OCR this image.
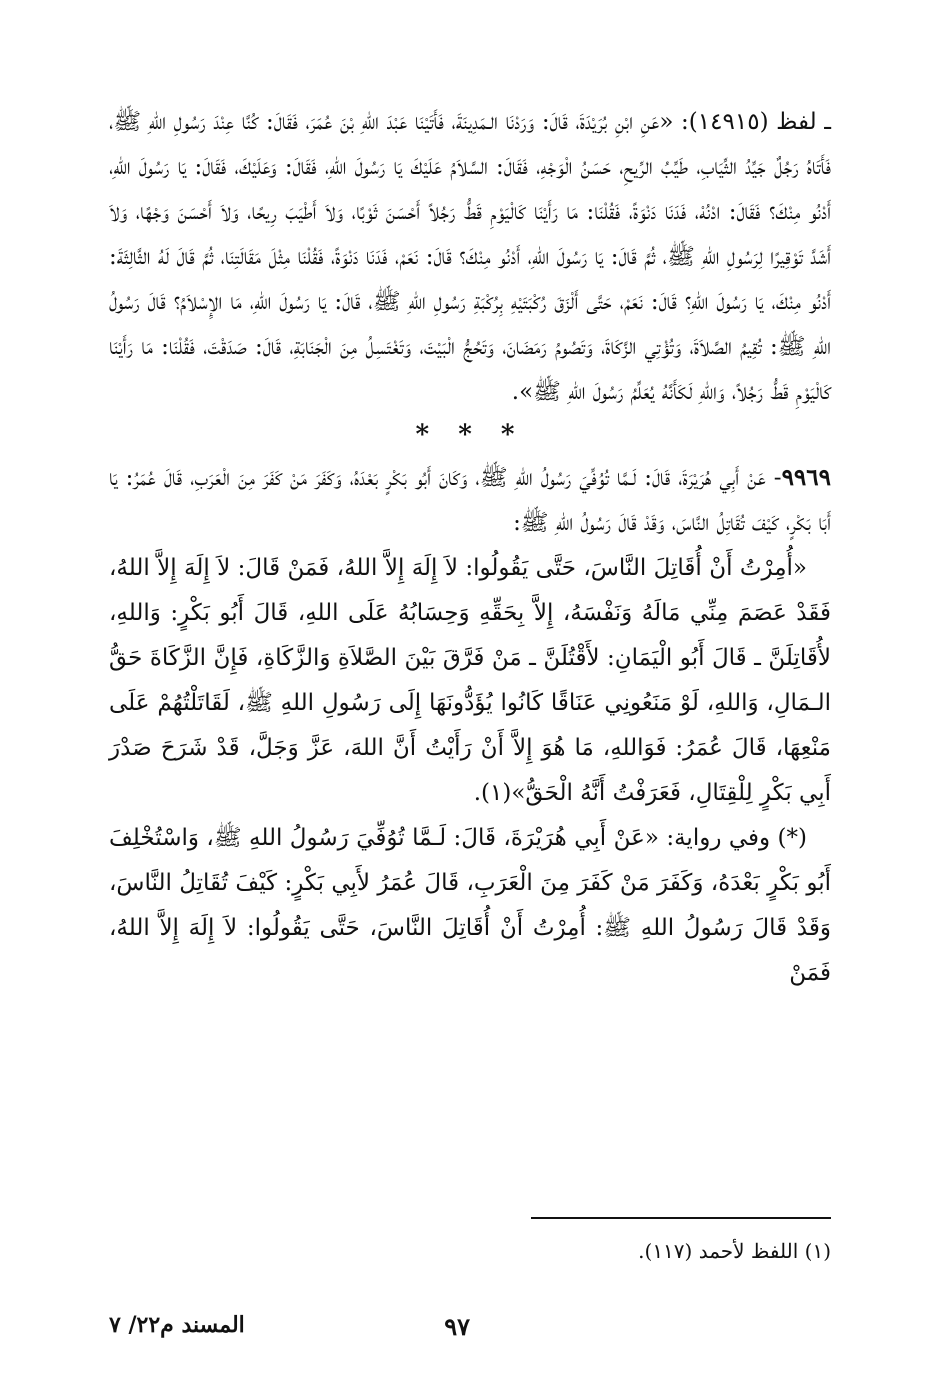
ـ لفظ (١٤٩١٥): «عَنِ ابْنِ بُرَيْدَةَ، قَالَ: وَرَدْنَا الـمَدِينَةَ، فَأَتَيْنَا عَبْدَ اللهِ بْنَ عُمَرَ، فَقَالَ: كُنَّا عِنْدَ رَسُولِ اللهِ ﷺ، فَأَتَاهُ رَجُلٌ جَيِّدُ الثِّيَابِ، طَيِّبُ الرِّيحِ، حَسَنُ الْوَجْهِ، فَقَالَ: السَّلاَمُ عَلَيْكَ يَا رَسُولَ اللهِ، فَقَالَ: وَعَلَيْكَ، فَقَالَ: يَا رَسُولَ اللهِ، أَدْنُو مِنْكَ؟ فَقَالَ: ادْنُهْ، فَدَنَا دَنْوَةً، فَقُلْنَا: مَا رَأَيْنَا كَالْيَوْمِ قَطُّ رَجُلاً أَحْسَنَ ثَوْبًا، وَلاَ أَطْيَبَ رِيحًا، وَلاَ أَحْسَنَ وَجْهًا، وَلاَ أَشَدَّ تَوْقِيرًا لِرَسُولِ اللهِ ﷺ، ثُمَّ قَالَ: يَا رَسُولَ اللهِ، أَدْنُو مِنْكَ؟ قَالَ: نَعَمْ، فَدَنَا دَنْوَةً، فَقُلْنَا مِثْلَ مَقَالَتِنَا، ثُمَّ قَالَ لَهُ الثَّالِثَةَ: أَدْنُو مِنْكَ، يَا رَسُولَ اللهِ؟ قَالَ: نَعَمْ، حَتَّى أَلْزَقَ رُكْبَتَيْهِ بِرُكْبَةِ رَسُولِ اللهِ ﷺ، قَالَ: يَا رَسُولَ اللهِ، مَا الإِسْلاَمُ؟ قَالَ رَسُولُ اللهِ ﷺ: تُقِيمُ الصَّلاَةَ، وَتُؤْتِي الزَّكَاةَ، وَتَصُومُ رَمَضَانَ، وَتَحُجُّ الْبَيْتَ، وَتَغْتَسِلُ مِنَ الْجَنَابَةِ، قَالَ: صَدَقْتَ، فَقُلْنَا: مَا رَأَيْنَا كَالْيَوْمِ قَطُّ رَجُلاً، وَاللهِ لَكَأَنَّهُ يُعَلِّمُ رَسُولَ اللهِ ﷺ».

* * *

٩٩٦٩- عَنْ أَبِي هُرَيْرَةَ، قَالَ: لَـمَّا تُوُفِّيَ رَسُولُ اللهِ ﷺ، وَكَانَ أَبُو بَكْرٍ بَعْدَهُ، وَكَفَرَ مَنْ كَفَرَ مِنَ الْعَرَبِ، قَالَ عُمَرُ: يَا أَبَا بَكْرٍ، كَيْفَ تُقَاتِلُ النَّاسَ، وَقَدْ قَالَ رَسُولُ اللهِ ﷺ:

«أُمِرْتُ أَنْ أُقَاتِلَ النَّاسَ، حَتَّى يَقُولُوا: لاَ إِلَهَ إِلاَّ اللهُ، فَمَنْ قَالَ: لاَ إِلَهَ إِلاَّ اللهُ، فَقَدْ عَصَمَ مِنِّي مَالَهُ وَنَفْسَهُ، إِلاَّ بِحَقِّهِ وَحِسَابُهُ عَلَى اللهِ، قَالَ أَبُو بَكْرٍ: وَاللهِ، لأُقَاتِلَنَّ ـ قَالَ أَبُو الْيَمَانِ: لأَقْتُلَنَّ ـ مَنْ فَرَّقَ بَيْنَ الصَّلاَةِ وَالزَّكَاةِ، فَإِنَّ الزَّكَاةَ حَقُّ الـمَالِ، وَاللهِ، لَوْ مَنَعُونِي عَنَاقًا كَانُوا يُؤَدُّونَهَا إِلَى رَسُولِ اللهِ ﷺ، لَقَاتَلْتُهُمْ عَلَى مَنْعِهَا، قَالَ عُمَرُ: فَوَاللهِ، مَا هُوَ إِلاَّ أَنْ رَأَيْتُ أَنَّ اللهَ، عَزَّ وَجَلَّ، قَدْ شَرَحَ صَدْرَ أَبِي بَكْرٍ لِلْقِتَالِ، فَعَرَفْتُ أَنَّهُ الْحَقُّ»(١).

(*) وفي رواية: «عَنْ أَبِي هُرَيْرَةَ، قَالَ: لَـمَّا تُوُفِّيَ رَسُولُ اللهِ ﷺ، وَاسْتُخْلِفَ أَبُو بَكْرٍ بَعْدَهُ، وَكَفَرَ مَنْ كَفَرَ مِنَ الْعَرَبِ، قَالَ عُمَرُ لأَبِي بَكْرٍ: كَيْفَ تُقَاتِلُ النَّاسَ، وَقَدْ قَالَ رَسُولُ اللهِ ﷺ: أُمِرْتُ أَنْ أُقَاتِلَ النَّاسَ، حَتَّى يَقُولُوا: لاَ إِلَهَ إِلاَّ اللهُ، فَمَنْ

(١) اللفظ لأحمد (١١٧).
٩٧
المسند م٢٢/ ٧
